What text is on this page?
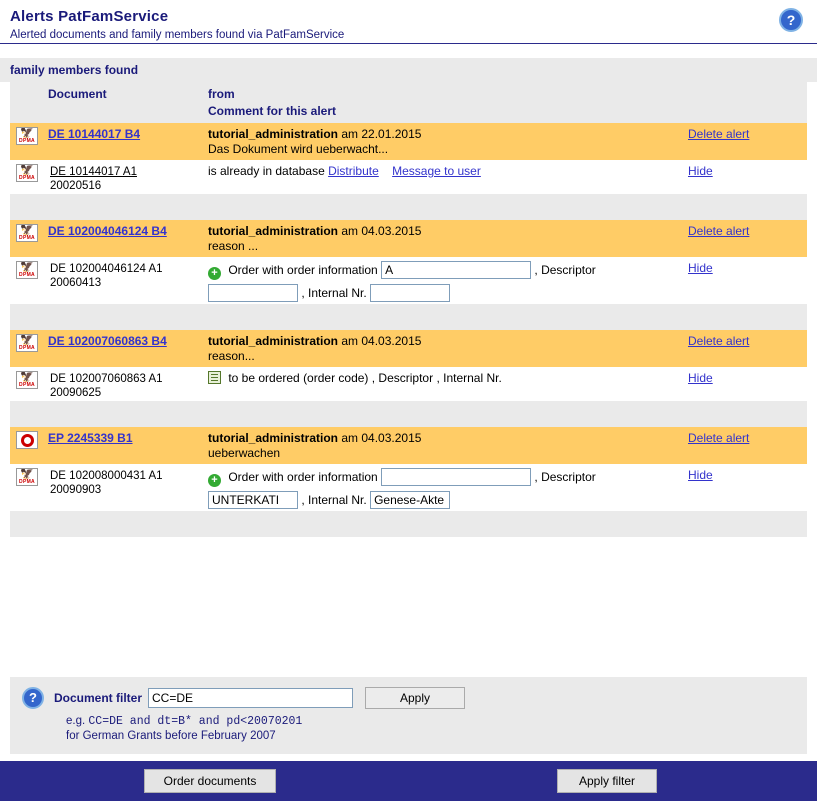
Alerts PatFamService
Alerted documents and family members found via PatFamService
?
family members found
	Document	from
Comment for this alert	

🦅
DPMA	DE 10144017 B4	tutorial_administration am 22.01.2015
Das Dokument wird ueberwacht...	Delete alert

🦅
DPMA	DE 10144017 A1
20020516	is already in database Distribute Message to user	Hide

🦅
DPMA	DE 102004046124 B4	tutorial_administration am 04.03.2015
reason ...	Delete alert

🦅
DPMA	DE 102004046124 A1
20060413	+ Order with order information A , Descriptor
, Internal Nr.	Hide

🦅
DPMA	DE 102007060863 B4	tutorial_administration am 04.03.2015
reason...	Delete alert

🦅
DPMA	DE 102007060863 A1
20090625	to be ordered (order code) , Descriptor , Internal Nr.	Hide

	EP 2245339 B1	tutorial_administration am 04.03.2015
ueberwachen	Delete alert

🦅
DPMA	DE 102008000431 A1
20090903	+ Order with order information , Descriptor
UNTERKATI , Internal Nr. Genese-Akte	Hide

?	Document filter
CC=DE	Apply
e.g. CC=DE and dt=B* and pd<20070201
for German Grants before February 2007
Order documents	Apply filter
